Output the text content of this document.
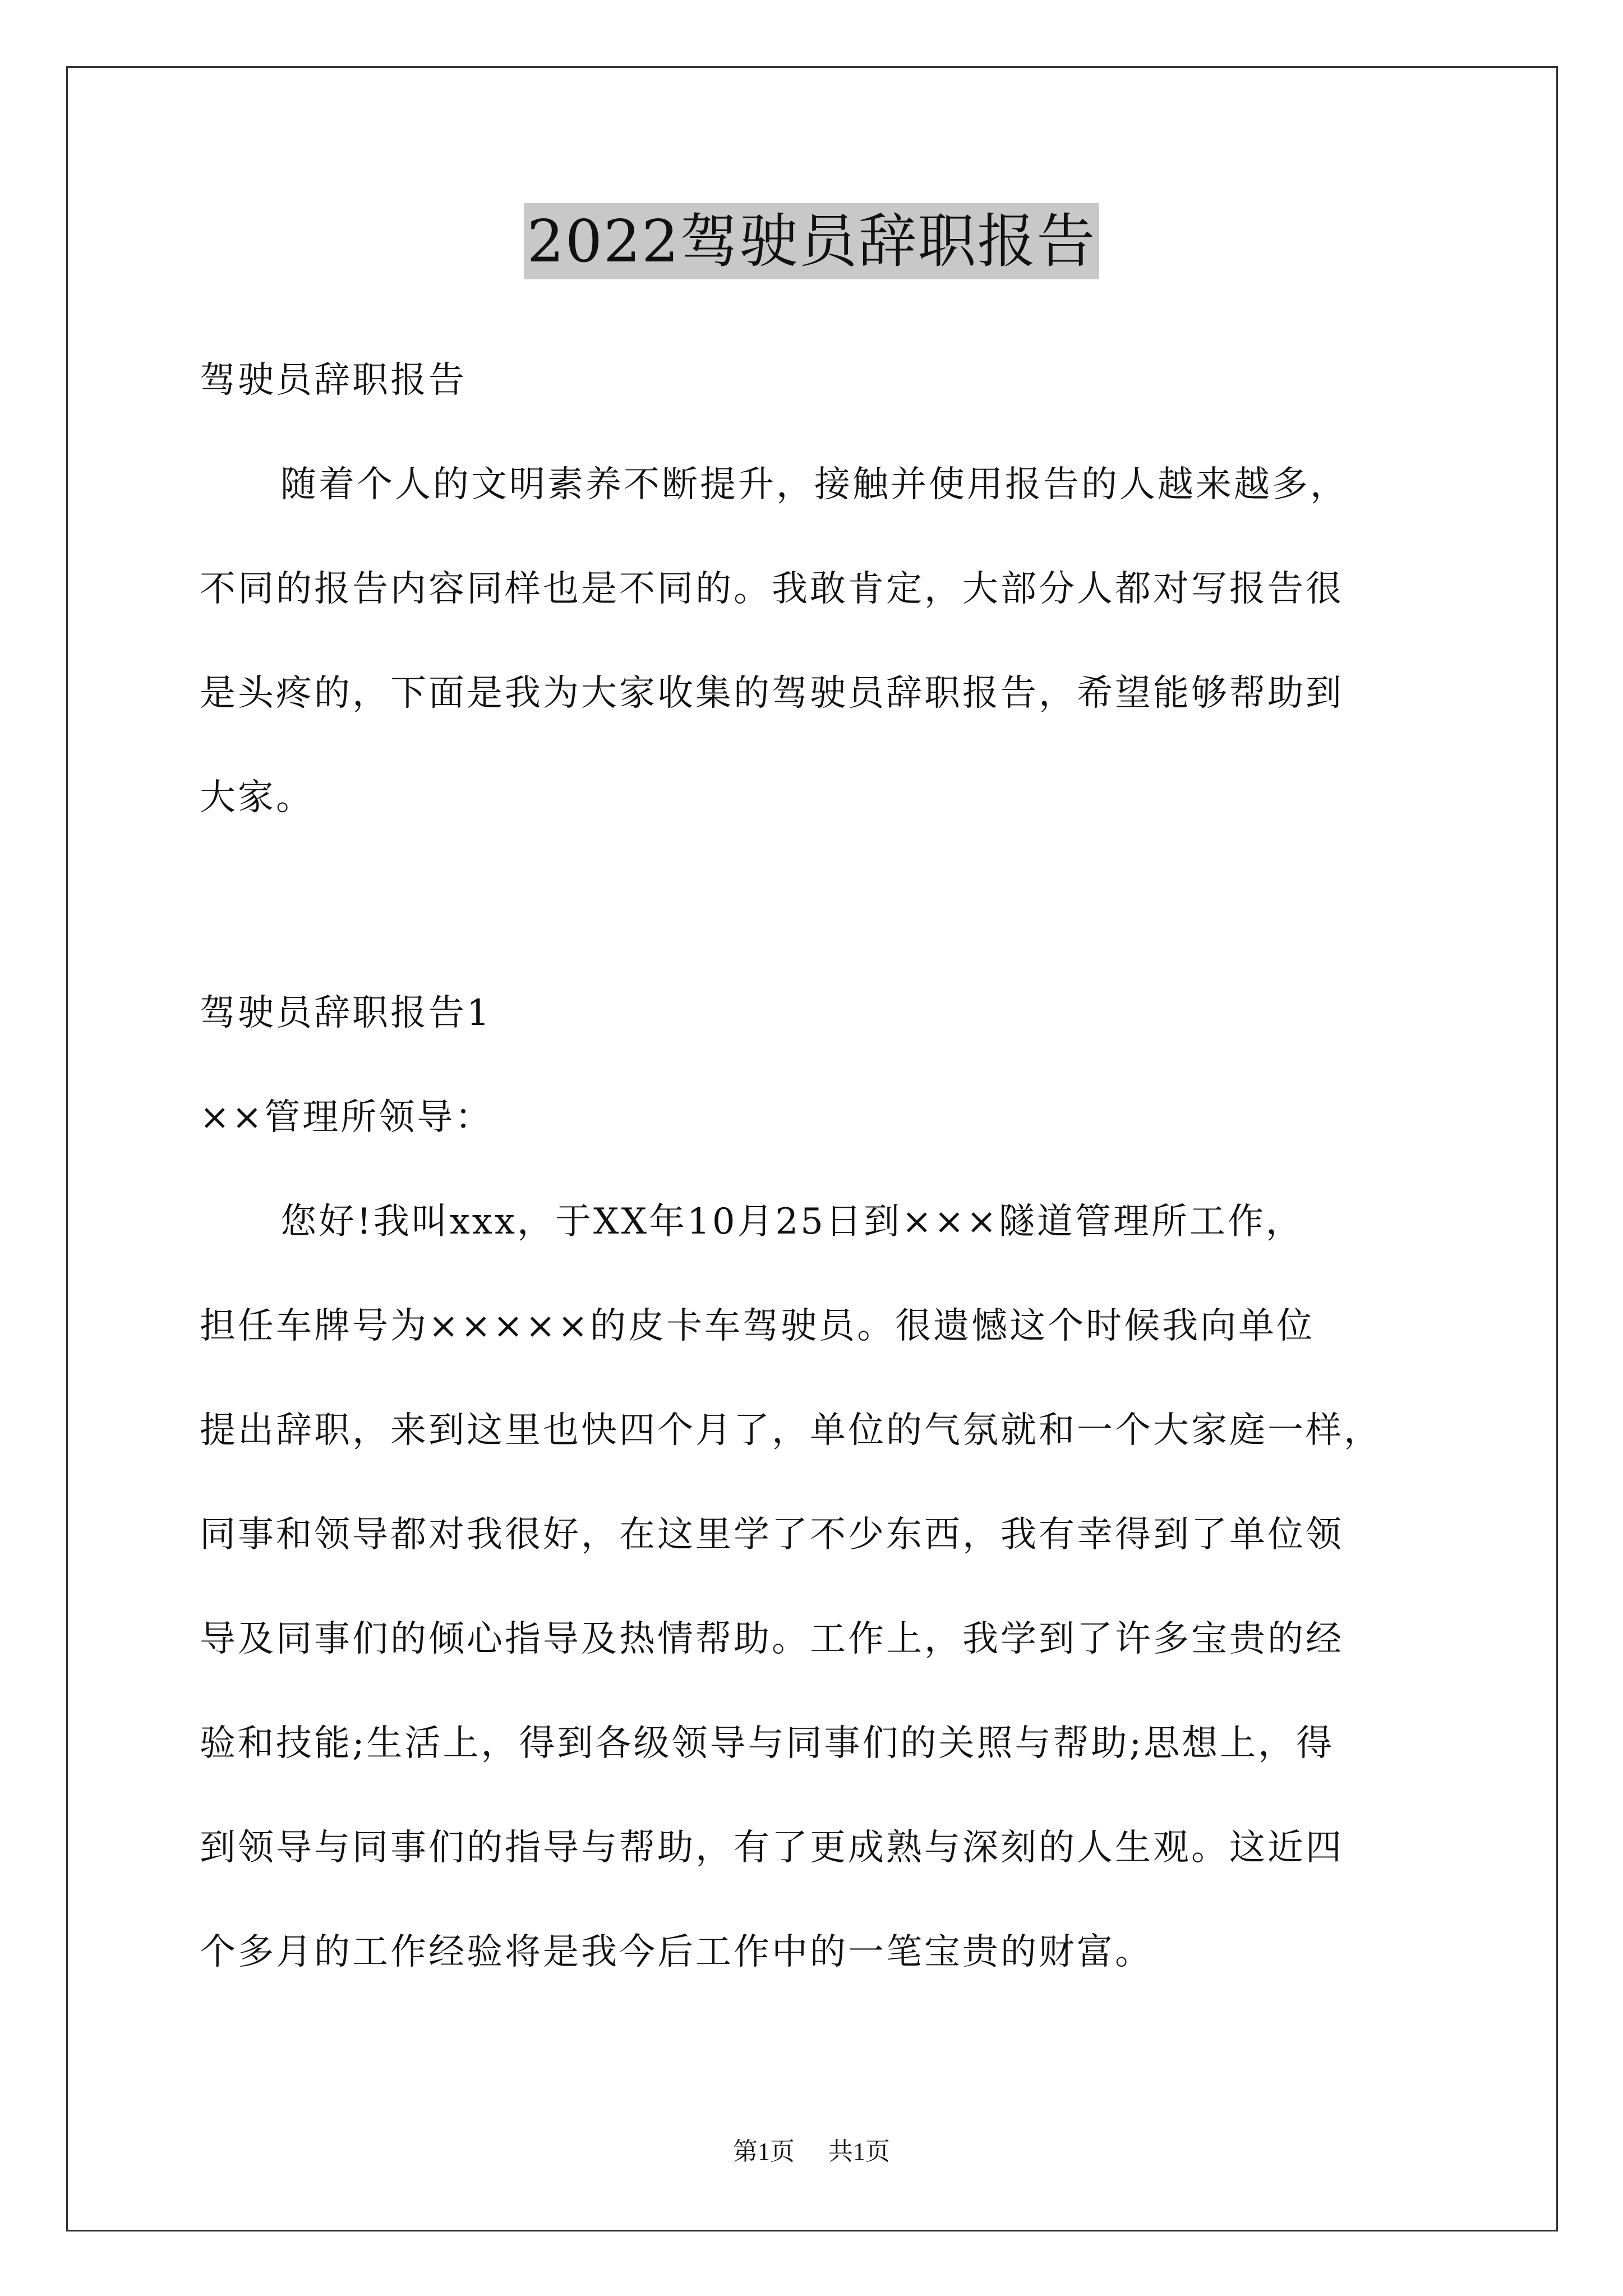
2022驾驶员辞职报告
驾驶员辞职报告
随着个人的文明素养不断提升，接触并使用报告的人越来越多，
不同的报告内容同样也是不同的。我敢肯定，大部分人都对写报告很
是头疼的，下面是我为大家收集的驾驶员辞职报告，希望能够帮助到
大家。
驾驶员辞职报告1
××管理所领导：
您好!我叫xxx，于XX年10月25日到×××隧道管理所工作，
担任车牌号为×××××的皮卡车驾驶员。很遗憾这个时候我向单位
提出辞职，来到这里也快四个月了，单位的气氛就和一个大家庭一样，
同事和领导都对我很好，在这里学了不少东西，我有幸得到了单位领
导及同事们的倾心指导及热情帮助。工作上，我学到了许多宝贵的经
验和技能;生活上，得到各级领导与同事们的关照与帮助;思想上，得
到领导与同事们的指导与帮助，有了更成熟与深刻的人生观。这近四
个多月的工作经验将是我今后工作中的一笔宝贵的财富。
第1页 共1页
